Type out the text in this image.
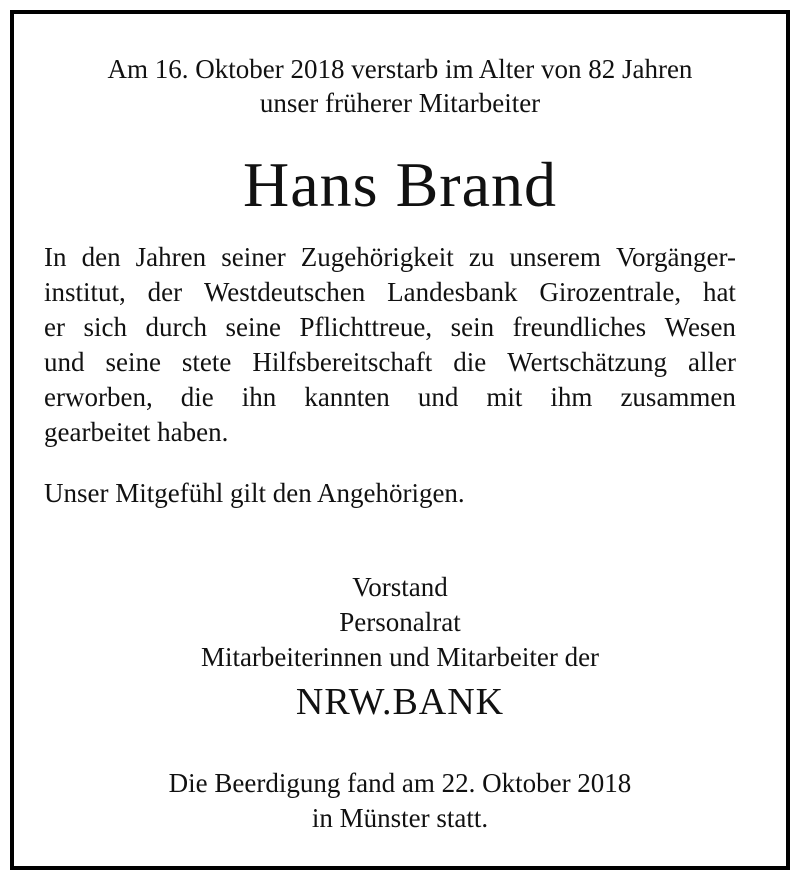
Am 16. Oktober 2018 verstarb im Alter von 82 Jahren
unser früherer Mitarbeiter
Hans Brand
In den Jahren seiner Zugehörigkeit zu unserem Vorgänger-
institut, der Westdeutschen Landesbank Girozentrale, hat
er sich durch seine Pflichttreue, sein freundliches Wesen
und seine stete Hilfsbereitschaft die Wertschätzung aller
erworben, die ihn kannten und mit ihm zusammen
gearbeitet haben.
Unser Mitgefühl gilt den Angehörigen.
Vorstand
Personalrat
Mitarbeiterinnen und Mitarbeiter der
NRW.BANK
Die Beerdigung fand am 22. Oktober 2018
in Münster statt.
